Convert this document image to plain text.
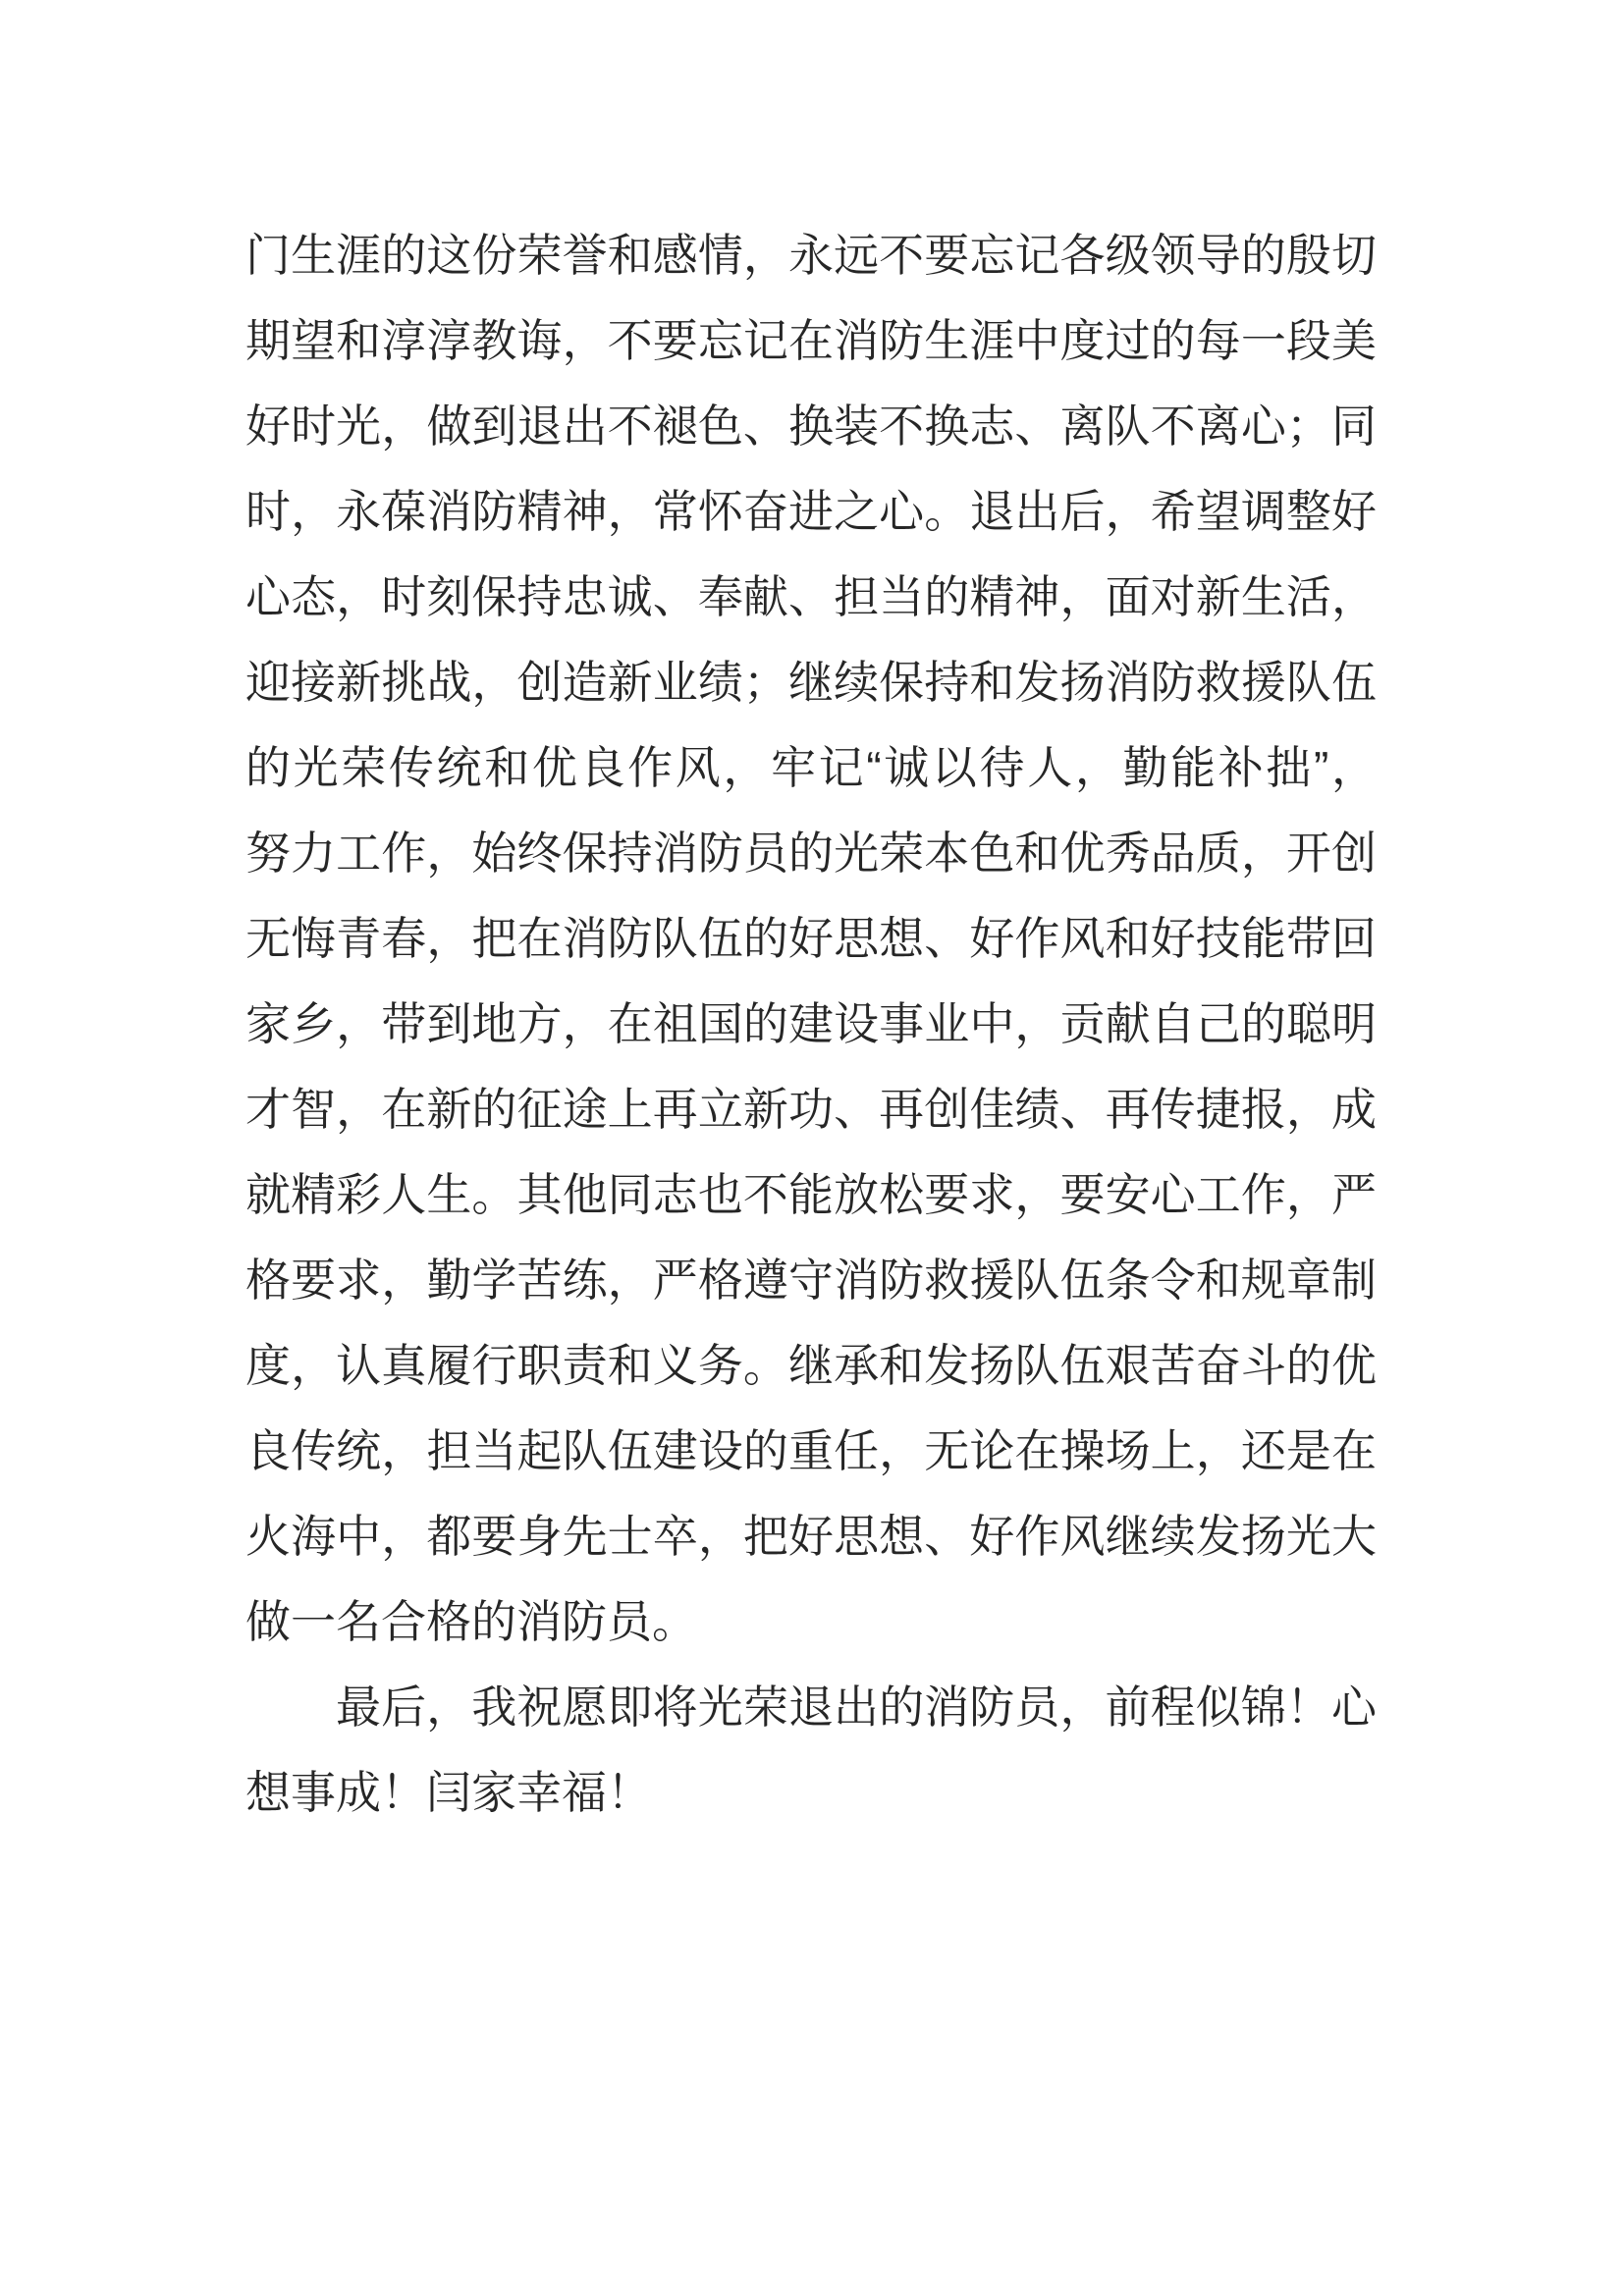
门生涯的这份荣誉和感情，永远不要忘记各级领导的殷切
期望和淳淳教诲，不要忘记在消防生涯中度过的每一段美
好时光，做到退出不褪色、换装不换志、离队不离心；同
时，永葆消防精神，常怀奋进之心。退出后，希望调整好
心态，时刻保持忠诚、奉献、担当的精神，面对新生活，
迎接新挑战，创造新业绩；继续保持和发扬消防救援队伍
的光荣传统和优良作风，牢记“诚以待人，勤能补拙”，
努力工作，始终保持消防员的光荣本色和优秀品质，开创
无悔青春，把在消防队伍的好思想、好作风和好技能带回
家乡，带到地方，在祖国的建设事业中，贡献自己的聪明
才智，在新的征途上再立新功、再创佳绩、再传捷报，成
就精彩人生。其他同志也不能放松要求，要安心工作，严
格要求，勤学苦练，严格遵守消防救援队伍条令和规章制
度，认真履行职责和义务。继承和发扬队伍艰苦奋斗的优
良传统，担当起队伍建设的重任，无论在操场上，还是在
火海中，都要身先士卒，把好思想、好作风继续发扬光大
做一名合格的消防员。
最后，我祝愿即将光荣退出的消防员，前程似锦！心
想事成！闫家幸福！
